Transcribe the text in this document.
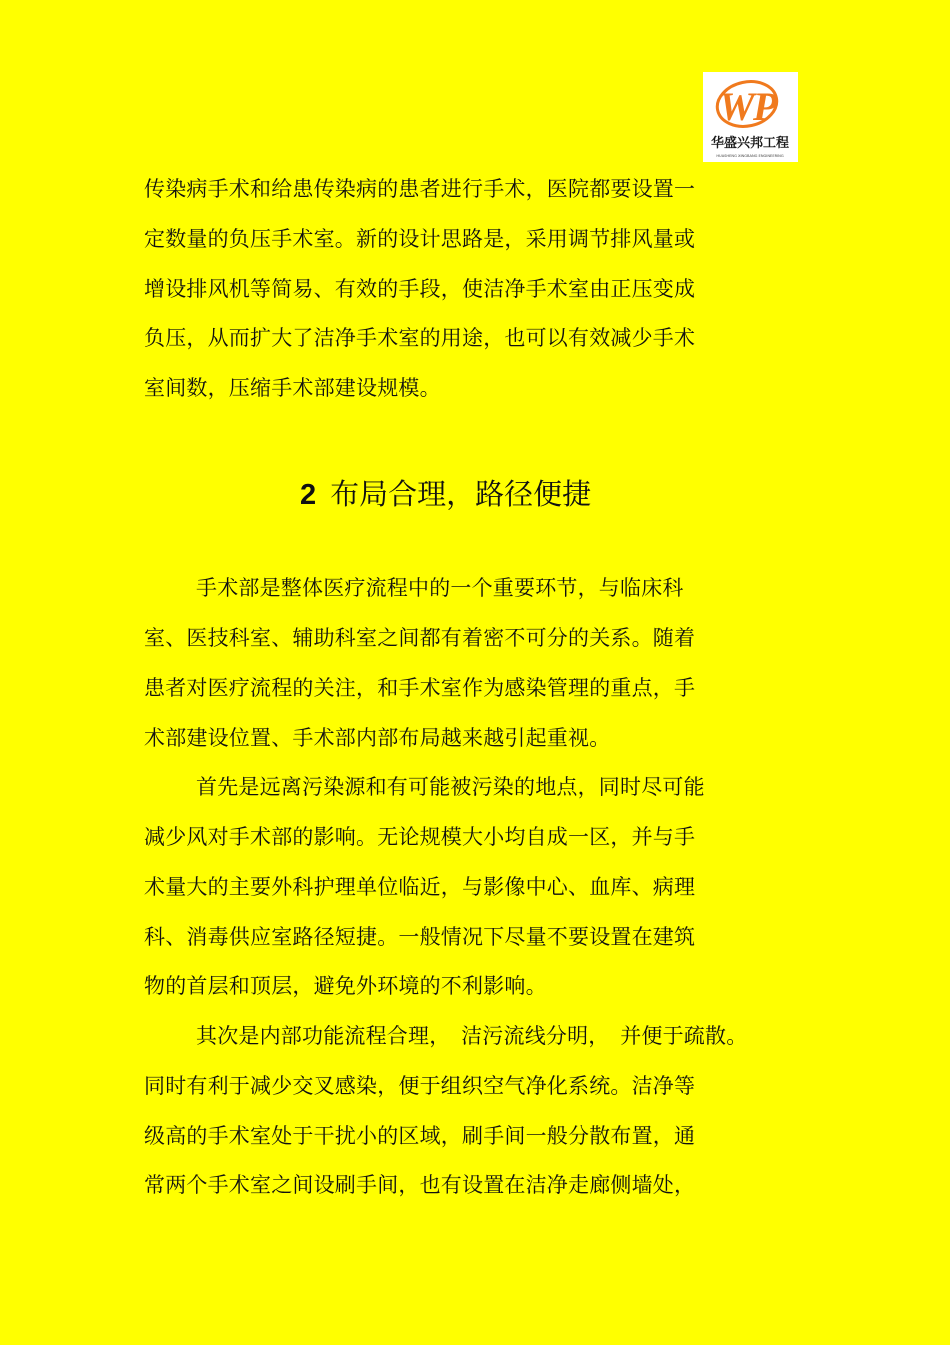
W
P
华盛兴邦工程
HUASHENG XINGBANG ENGINEERING
传染病手术和给患传染病的患者进行手术，医院都要设置一
定数量的负压手术室。新的设计思路是，采用调节排风量或
增设排风机等简易、有效的手段，使洁净手术室由正压变成
负压，从而扩大了洁净手术室的用途，也可以有效减少手术
室间数，压缩手术部建设规模。
2 布局合理，路径便捷
手术部是整体医疗流程中的一个重要环节，与临床科
室、医技科室、辅助科室之间都有着密不可分的关系。随着
患者对医疗流程的关注，和手术室作为感染管理的重点，手
术部建设位置、手术部内部布局越来越引起重视。
首先是远离污染源和有可能被污染的地点，同时尽可能
减少风对手术部的影响。无论规模大小均自成一区，并与手
术量大的主要外科护理单位临近，与影像中心、血库、病理
科、消毒供应室路径短捷。一般情况下尽量不要设置在建筑
物的首层和顶层，避免外环境的不利影响。
其次是内部功能流程合理，　洁污流线分明，　并便于疏散。
同时有利于减少交叉感染，便于组织空气净化系统。洁净等
级高的手术室处于干扰小的区域，刷手间一般分散布置，通
常两个手术室之间设刷手间，也有设置在洁净走廊侧墙处，
